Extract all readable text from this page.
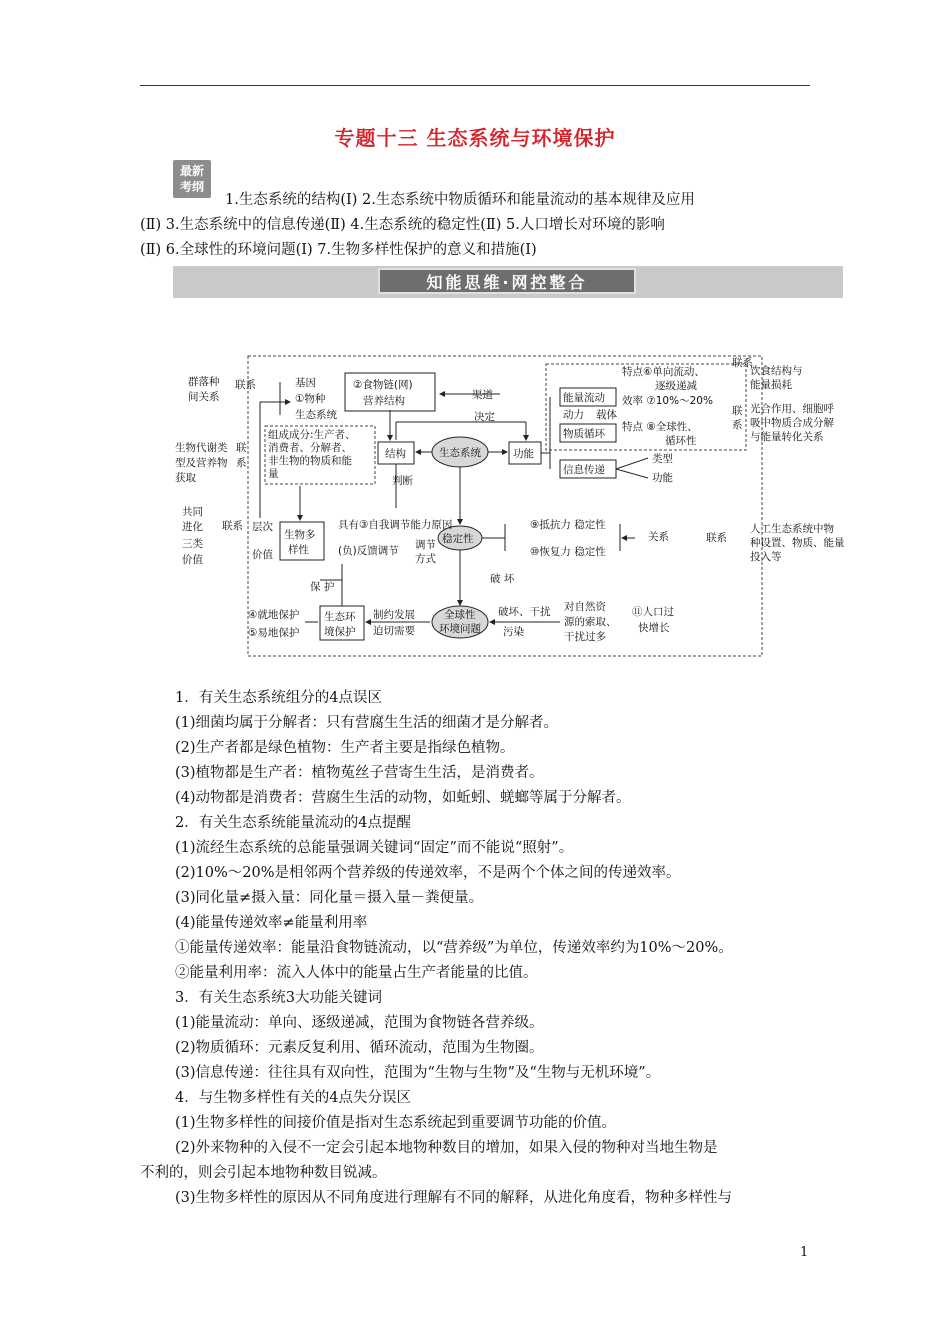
专题十三 生态系统与环境保护
最新
考纲
1.生态系统的结构(Ⅰ) 2.生态系统中物质循环和能量流动的基本规律及应用
(Ⅱ) 3.生态系统中的信息传递(Ⅱ) 4.生态系统的稳定性(Ⅱ) 5.人口增长对环境的影响
(Ⅱ) 6.全球性的环境问题(Ⅰ) 7.生物多样性保护的意义和措施(Ⅰ)
知能思维·网控整合
群落种
间关系
联系
生物代谢类
型及营养物
获取
联
系
共同
进化 联系
三类
价值
基因
①物种
生态系统
②食物链(网)
营养结构
组成成分:生产者、
消费者、分解者、
非生物的物质和能
量
结构	生态系统	功能
渠道
决定
判断
能量流动
物质循环
信息传递
特点⑥单向流动、
逐级递减
效率 ⑦10%～20%
动力 载体
特点 ⑧全球性、
循环性
类型
功能
联系
联
系
联系
饮食结构与
能量损耗
光合作用、细胞呼
吸中物质合成分解
与能量转化关系
人工生态系统中物
种设置、物质、能量
投入等
生物多
样性
层次
价值
稳定性
具有③自我调节能力原因
(负)反馈调节 调节
方式
⑨抵抗力 稳定性
⑩恢复力 稳定性
关系
破 坏
全球性
环境问题
生态环
境保护
保 护
④就地保护
⑤易地保护
制约发展
迫切需要
破坏、干扰
污染
对自然资
源的索取、
干扰过多
⑪人口过
快增长
1．有关生态系统组分的4点误区
(1)细菌均属于分解者：只有营腐生生活的细菌才是分解者。
(2)生产者都是绿色植物：生产者主要是指绿色植物。
(3)植物都是生产者：植物菟丝子营寄生生活，是消费者。
(4)动物都是消费者：营腐生生活的动物，如蚯蚓、蜣螂等属于分解者。
2．有关生态系统能量流动的4点提醒
(1)流经生态系统的总能量强调关键词“固定”而不能说“照射”。
(2)10%～20%是相邻两个营养级的传递效率，不是两个个体之间的传递效率。
(3)同化量≠摄入量：同化量＝摄入量－粪便量。
(4)能量传递效率≠能量利用率
①能量传递效率：能量沿食物链流动，以“营养级”为单位，传递效率约为10%～20%。
②能量利用率：流入人体中的能量占生产者能量的比值。
3．有关生态系统3大功能关键词
(1)能量流动：单向、逐级递减，范围为食物链各营养级。
(2)物质循环：元素反复利用、循环流动，范围为生物圈。
(3)信息传递：往往具有双向性，范围为“生物与生物”及“生物与无机环境”。
4．与生物多样性有关的4点失分误区
(1)生物多样性的间接价值是指对生态系统起到重要调节功能的价值。
(2)外来物种的入侵不一定会引起本地物种数目的增加，如果入侵的物种对当地生物是
不利的，则会引起本地物种数目锐减。
(3)生物多样性的原因从不同角度进行理解有不同的解释，从进化角度看，物种多样性与
1
